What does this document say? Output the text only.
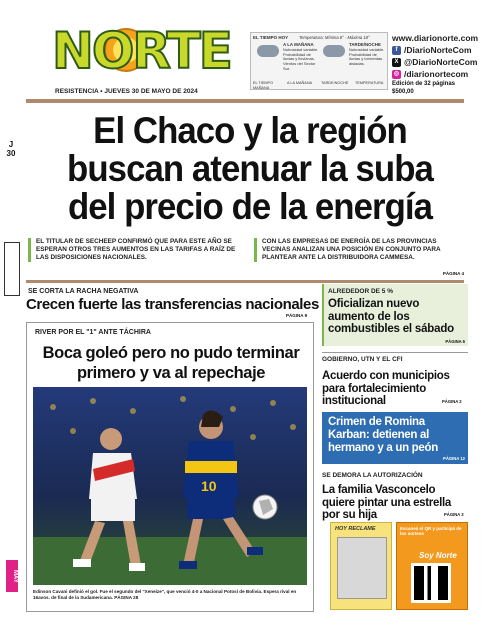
NORTE
RESISTENCIA • JUEVES 30 DE MAYO DE 2024
EL TIEMPO HOY	Temperatura: Mínima 8° - Máxima 18°
A LA MAÑANA
Nubosidad variable. Probabilidad de lluvias y lloviznas. Vientos del Sector Sur.
TARDE/NOCHE
Nubosidad variable. Probabilidad de lluvias y tormentas aisladas.
EL TIEMPO MAÑANA
A LA MAÑANA	TARDE/NOCHE	TEMPERATURA
www.diarionorte.com
f /DiarioNorteCom
X @DiarioNorteCom
◎ /diarionortecom
Edición de 32 páginas
$500,00
J
30
El Chaco y la región buscan atenuar la suba del precio de la energía
EL TITULAR DE SECHEEP CONFIRMÓ QUE PARA ESTE AÑO SE ESPERAN OTROS TRES AUMENTOS EN LAS TARIFAS A RAÍZ DE LAS DISPOSICIONES NACIONALES.
CON LAS EMPRESAS DE ENERGÍA DE LAS PROVINCIAS VECINAS ANALIZAN UNA POSICIÓN EN CONJUNTO PARA PLANTEAR ANTE LA DISTRIBUIDORA CAMMESA.
PÁGINA 4
SE CORTA LA RACHA NEGATIVA
Crecen fuerte las transferencias nacionales
PÁGINA 9
RIVER POR EL "1" ANTE TÁCHIRA
Boca goleó pero no pudo terminar primero y va al repechaje
10
Edinson Cavani definió el gol. Fue el segundo del "Xeneize", que venció 4-0 a Nacional Potosí de Bolivia. Espera rival en 16avos. de final de la Sudamericana. PÁGINA 28
ALREDEDOR DE 5 %
Oficializan nuevo aumento de los combustibles el sábado
PÁGINA 6
GOBIERNO, UTN Y EL CFI
Acuerdo con municipios para fortalecimiento institucional	PÁGINA 2
Crimen de Romina Karban: detienen al hermano y a un peón
PÁGINA 12
SE DEMORA LA AUTORIZACIÓN
La familia Vasconcelo quiere pintar una estrella por su hija	PÁGINA 3
HOY RECLAME	Escaneá el QR y participá de los sorteos
Soy Norte
MAY
